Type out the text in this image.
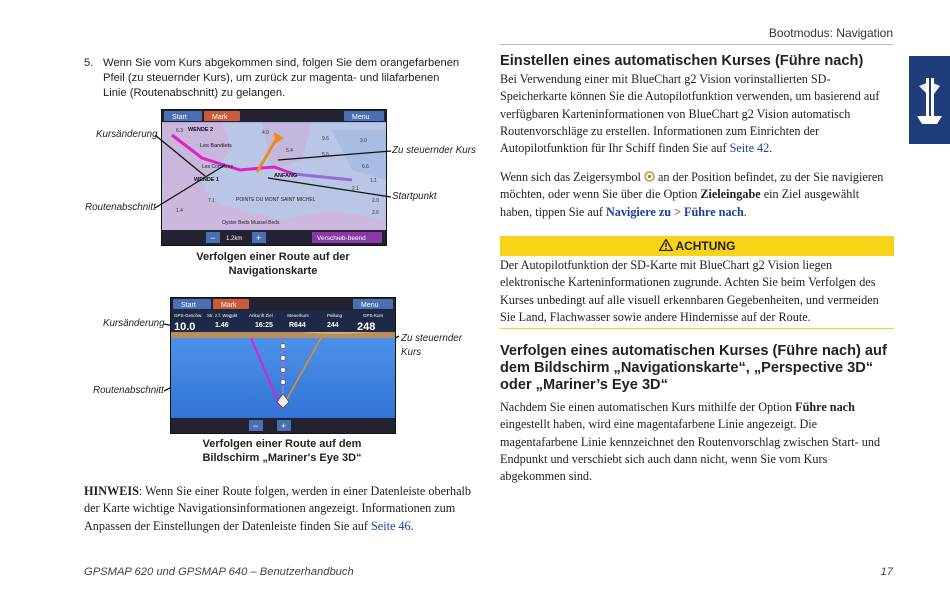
Bootmodus: Navigation
5. Wenn Sie vom Kurs abgekommen sind, folgen Sie dem orangefarbenen Pfeil (zu steuernder Kurs), um zurück zur magenta- und lilafarbenen Linie (Routenabschnitt) zu gelangen.
Start	Mark	Menu
WENDE 2
Les Bandiets
WENDE 1
ANFANG
POINTE DU MONT SAINT MICHEL
Oyster Beds Mussel Beds
Les Cornières
6.3	4.9
9.6
5.6
3.0
6.6
5.4
2.1
1.1
7.1
1.4
2.0
2.6
− 1.2km +	Verschieb-beend
Kursänderung
Routenabschnitt
Zu steuernder Kurs
Startpunkt
Verfolgen einer Route auf der
Navigationskarte
Start	Mark	Menu
GPS-Geschw.
10.0
Str. z.f. Wegpkt
1.46
Ankunft Ziel
16:25
Steuerkurs
R644
Peilung
244
GPS-Kurs
248
−	+
Kursänderung
Routenabschnitt
Zu steuernder
Kurs
Verfolgen einer Route auf dem
Bildschirm „Mariner's Eye 3D“
HINWEIS: Wenn Sie einer Route folgen, werden in einer Datenleiste oberhalb der Karte wichtige Navigationsinformationen angezeigt. Informationen zum Anpassen der Einstellungen der Datenleiste finden Sie auf Seite 46.
Einstellen eines automatischen Kurses (Führe nach)
Bei Verwendung einer mit BlueChart g2 Vision vorinstallierten SD-Speicherkarte können Sie die Autopilotfunktion verwenden, um basierend auf verfügbaren Karteninformationen von BlueChart g2 Vision automatisch Routenvorschläge zu erstellen. Informationen zum Einrichten der Autopilotfunktion für Ihr Schiff finden Sie auf Seite 42.
Wenn sich das Zeigersymbol  an der Position befindet, zu der Sie navigieren möchten, oder wenn Sie über die Option Zieleingabe ein Ziel ausgewählt haben, tippen Sie auf Navigiere zu > Führe nach.
ACHTUNG
Der Autopilotfunktion der SD-Karte mit BlueChart g2 Vision liegen elektronische Karteninformationen zugrunde. Achten Sie beim Verfolgen des Kurses unbedingt auf alle visuell erkennbaren Gegebenheiten, und vermeiden Sie Land, Flachwasser sowie andere Hindernisse auf der Route.
Verfolgen eines automatischen Kurses (Führe nach) auf
dem Bildschirm „Navigationskarte“, „Perspective 3D“
oder „Mariner’s Eye 3D“
Nachdem Sie einen automatischen Kurs mithilfe der Option Führe nach eingestellt haben, wird eine magentafarbene Linie angezeigt. Die magentafarbene Linie kennzeichnet den Routenvorschlag zwischen Start- und Endpunkt und verschiebt sich auch dann nicht, wenn Sie vom Kurs abgekommen sind.
GPSMAP 620 und GPSMAP 640 – Benutzerhandbuch	17
